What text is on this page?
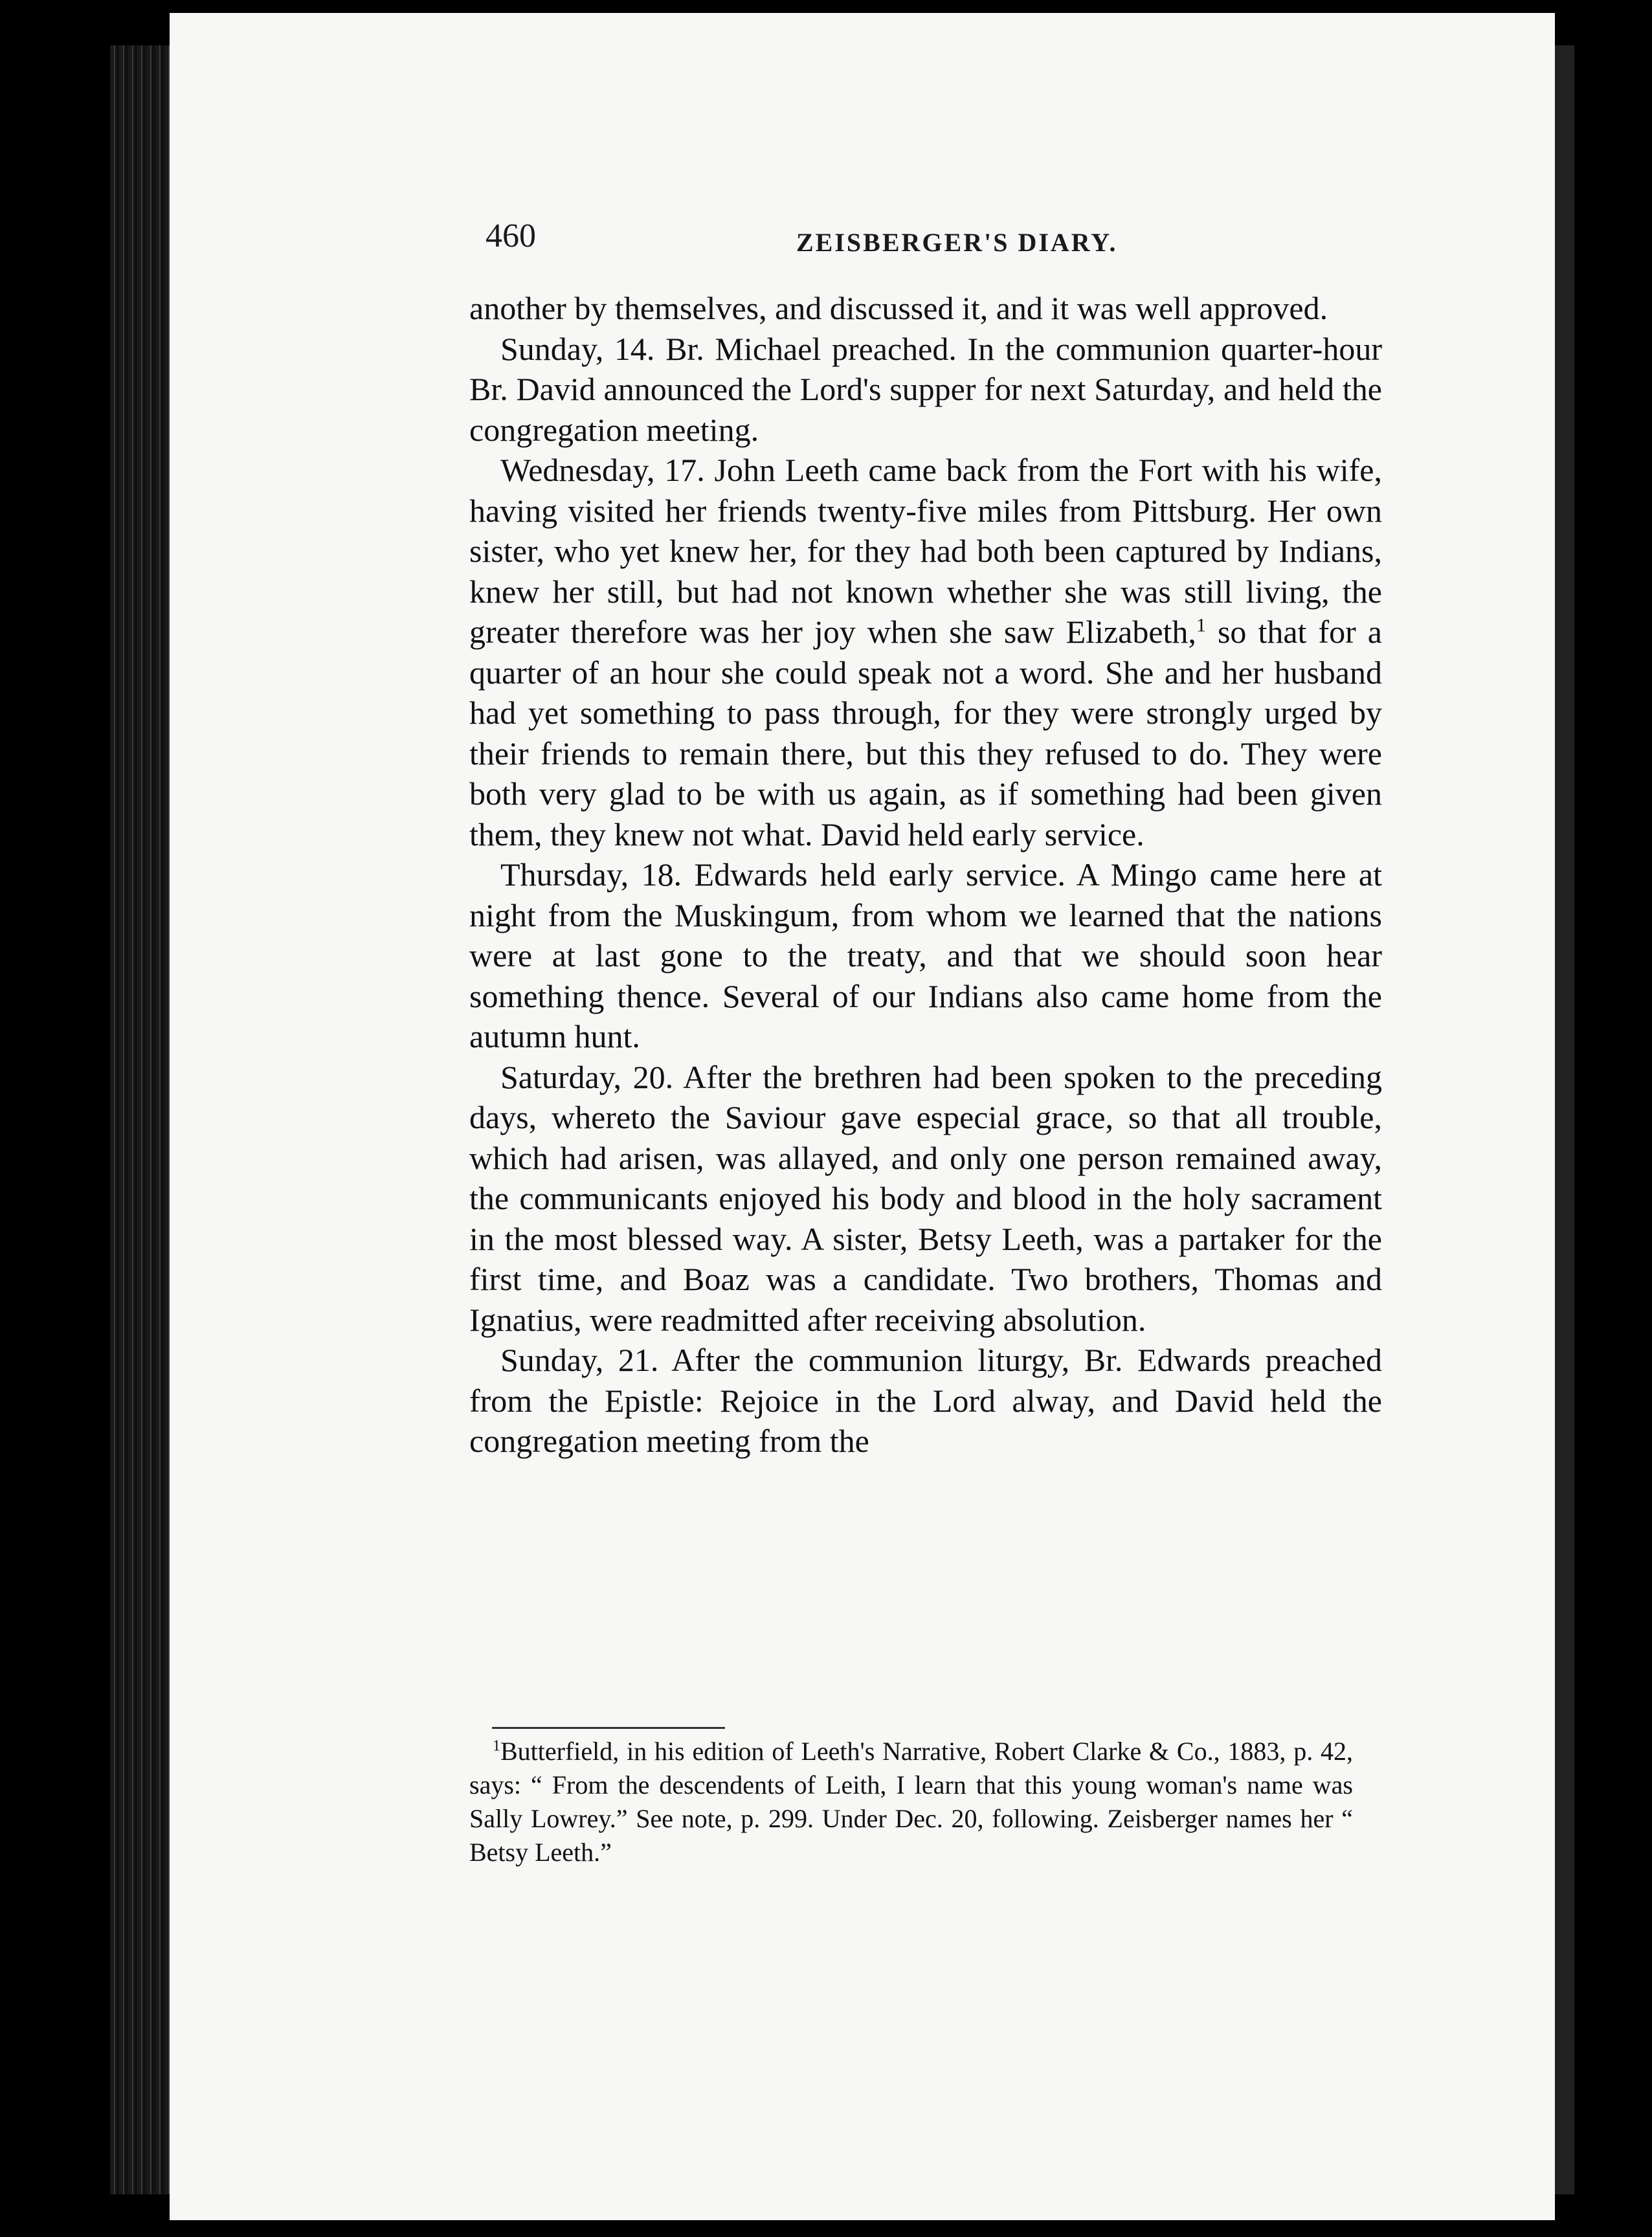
460	ZEISBERGER'S DIARY.

another by themselves, and discussed it, and it was well approved.

Sunday, 14. Br. Michael preached. In the communion quarter-hour Br. David announced the Lord's supper for next Saturday, and held the congregation meeting.

Wednesday, 17. John Leeth came back from the Fort with his wife, having visited her friends twenty-five miles from Pittsburg. Her own sister, who yet knew her, for they had both been captured by Indians, knew her still, but had not known whether she was still living, the greater therefore was her joy when she saw Elizabeth,$^1$ so that for a quarter of an hour she could speak not a word. She and her husband had yet something to pass through, for they were strongly urged by their friends to remain there, but this they refused to do. They were both very glad to be with us again, as if something had been given them, they knew not what. David held early service.

Thursday, 18. Edwards held early service. A Mingo came here at night from the Muskingum, from whom we learned that the nations were at last gone to the treaty, and that we should soon hear something thence. Several of our Indians also came home from the autumn hunt.

Saturday, 20. After the brethren had been spoken to the preceding days, whereto the Saviour gave especial grace, so that all trouble, which had arisen, was allayed, and only one person remained away, the communicants enjoyed his body and blood in the holy sacrament in the most blessed way. A sister, Betsy Leeth, was a partaker for the first time, and Boaz was a candidate. Two brothers, Thomas and Ignatius, were readmitted after receiving absolution.

Sunday, 21. After the communion liturgy, Br. Edwards preached from the Epistle: Rejoice in the Lord alway, and David held the congregation meeting from the

$^1$Butterfield, in his edition of Leeth's Narrative, Robert Clarke & Co., 1883, p. 42, says: “ From the descendents of Leith, I learn that this young woman's name was Sally Lowrey.” See note, p. 299. Under Dec. 20, following. Zeisberger names her “ Betsy Leeth.”
